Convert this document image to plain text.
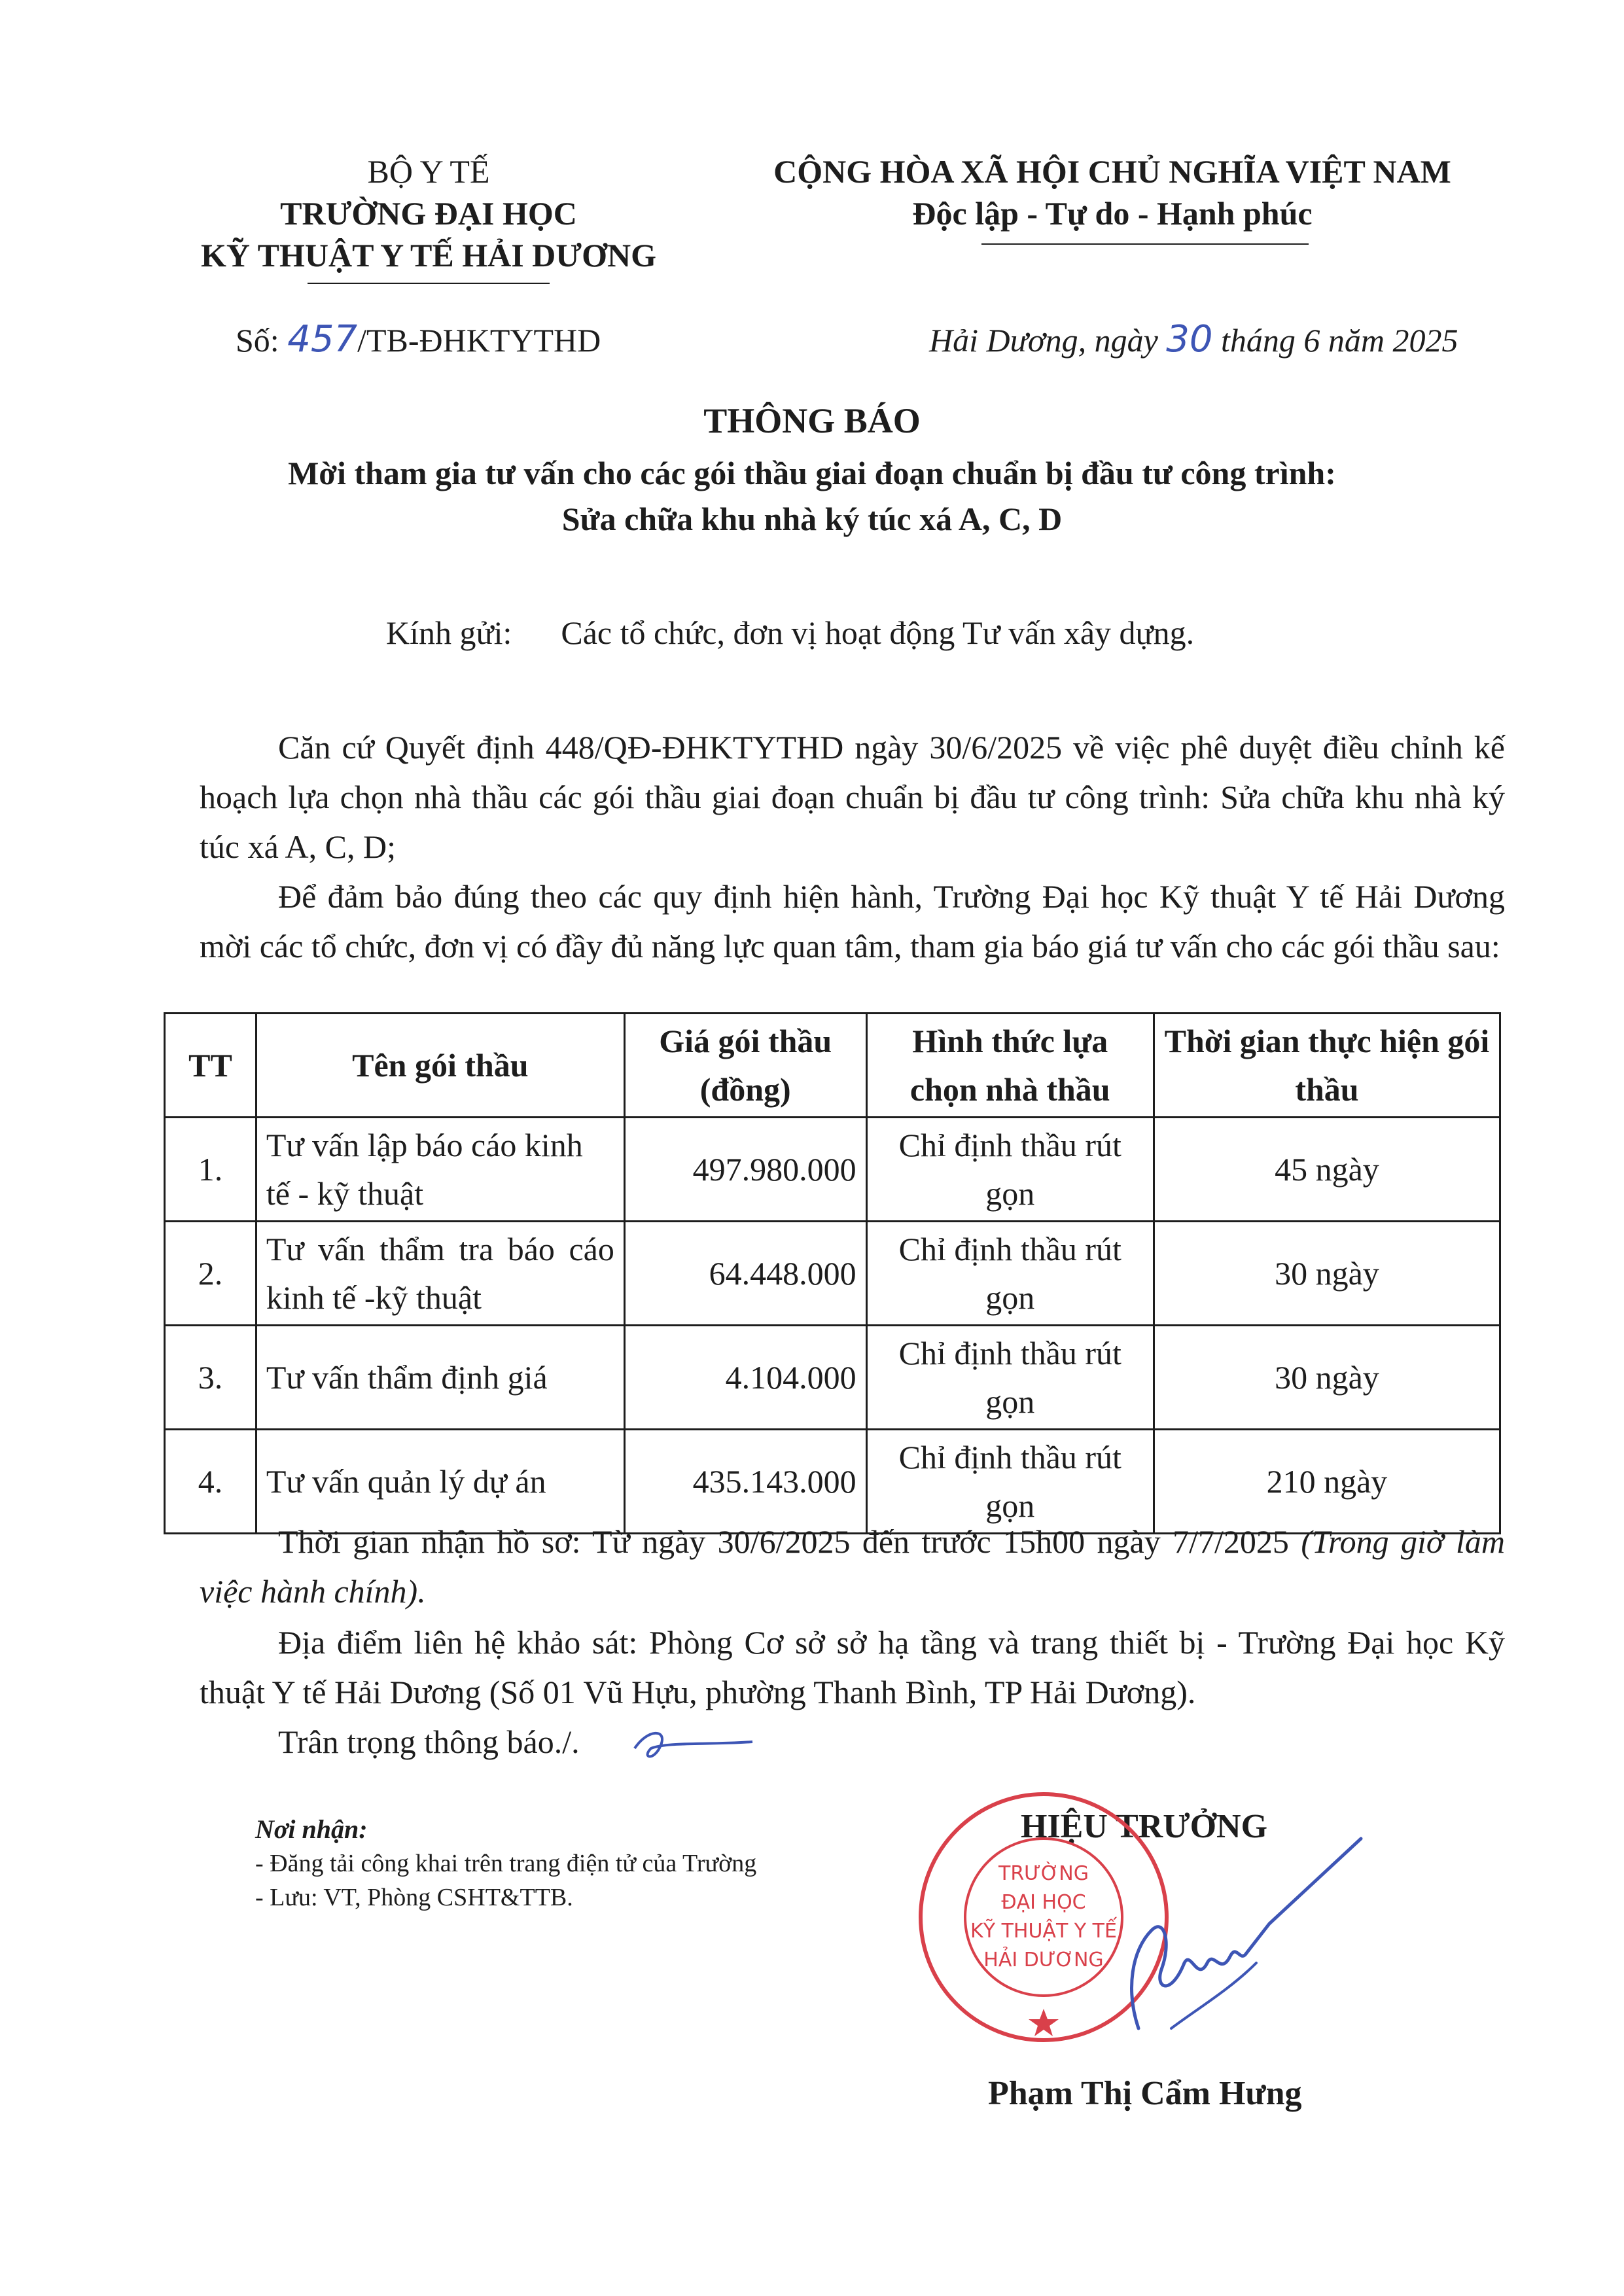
BỘ Y TẾ
TRƯỜNG ĐẠI HỌC
KỸ THUẬT Y TẾ HẢI DƯƠNG
CỘNG HÒA XÃ HỘI CHỦ NGHĨA VIỆT NAM
Độc lập - Tự do - Hạnh phúc
Số: 457/TB-ĐHKTYTHD	Hải Dương, ngày 30 tháng 6 năm 2025
THÔNG BÁO
Mời tham gia tư vấn cho các gói thầu giai đoạn chuẩn bị đầu tư công trình:
Sửa chữa khu nhà ký túc xá A, C, D
Kính gửi: Các tổ chức, đơn vị hoạt động Tư vấn xây dựng.
Căn cứ Quyết định 448/QĐ-ĐHKTYTHD ngày 30/6/2025 về việc phê duyệt điều chỉnh kế hoạch lựa chọn nhà thầu các gói thầu giai đoạn chuẩn bị đầu tư công trình: Sửa chữa khu nhà ký túc xá A, C, D;
Để đảm bảo đúng theo các quy định hiện hành, Trường Đại học Kỹ thuật Y tế Hải Dương mời các tổ chức, đơn vị có đầy đủ năng lực quan tâm, tham gia báo giá tư vấn cho các gói thầu sau:
TT	Tên gói thầu	Giá gói thầu (đồng)	Hình thức lựa chọn nhà thầu	Thời gian thực hiện gói thầu
1.	Tư vấn lập báo cáo kinh tế - kỹ thuật	497.980.000	Chỉ định thầu rút gọn	45 ngày
2.	Tư vấn thẩm tra báo cáo kinh tế -kỹ thuật	64.448.000	Chỉ định thầu rút gọn	30 ngày
3.	Tư vấn thẩm định giá	4.104.000	Chỉ định thầu rút gọn	30 ngày
4.	Tư vấn quản lý dự án	435.143.000	Chỉ định thầu rút gọn	210 ngày
Thời gian nhận hồ sơ: Từ ngày 30/6/2025 đến trước 15h00 ngày 7/7/2025 (Trong giờ làm việc hành chính).
Địa điểm liên hệ khảo sát: Phòng Cơ sở sở hạ tầng và trang thiết bị - Trường Đại học Kỹ thuật Y tế Hải Dương (Số 01 Vũ Hựu, phường Thanh Bình, TP Hải Dương).
Trân trọng thông báo./.
Nơi nhận:
- Đăng tải công khai trên trang điện tử của Trường
- Lưu: VT, Phòng CSHT&TTB.
HIỆU TRƯỞNG
TRƯỜNG
ĐẠI HỌC
KỸ THUẬT Y TẾ
HẢI DƯƠNG
Phạm Thị Cẩm Hưng
